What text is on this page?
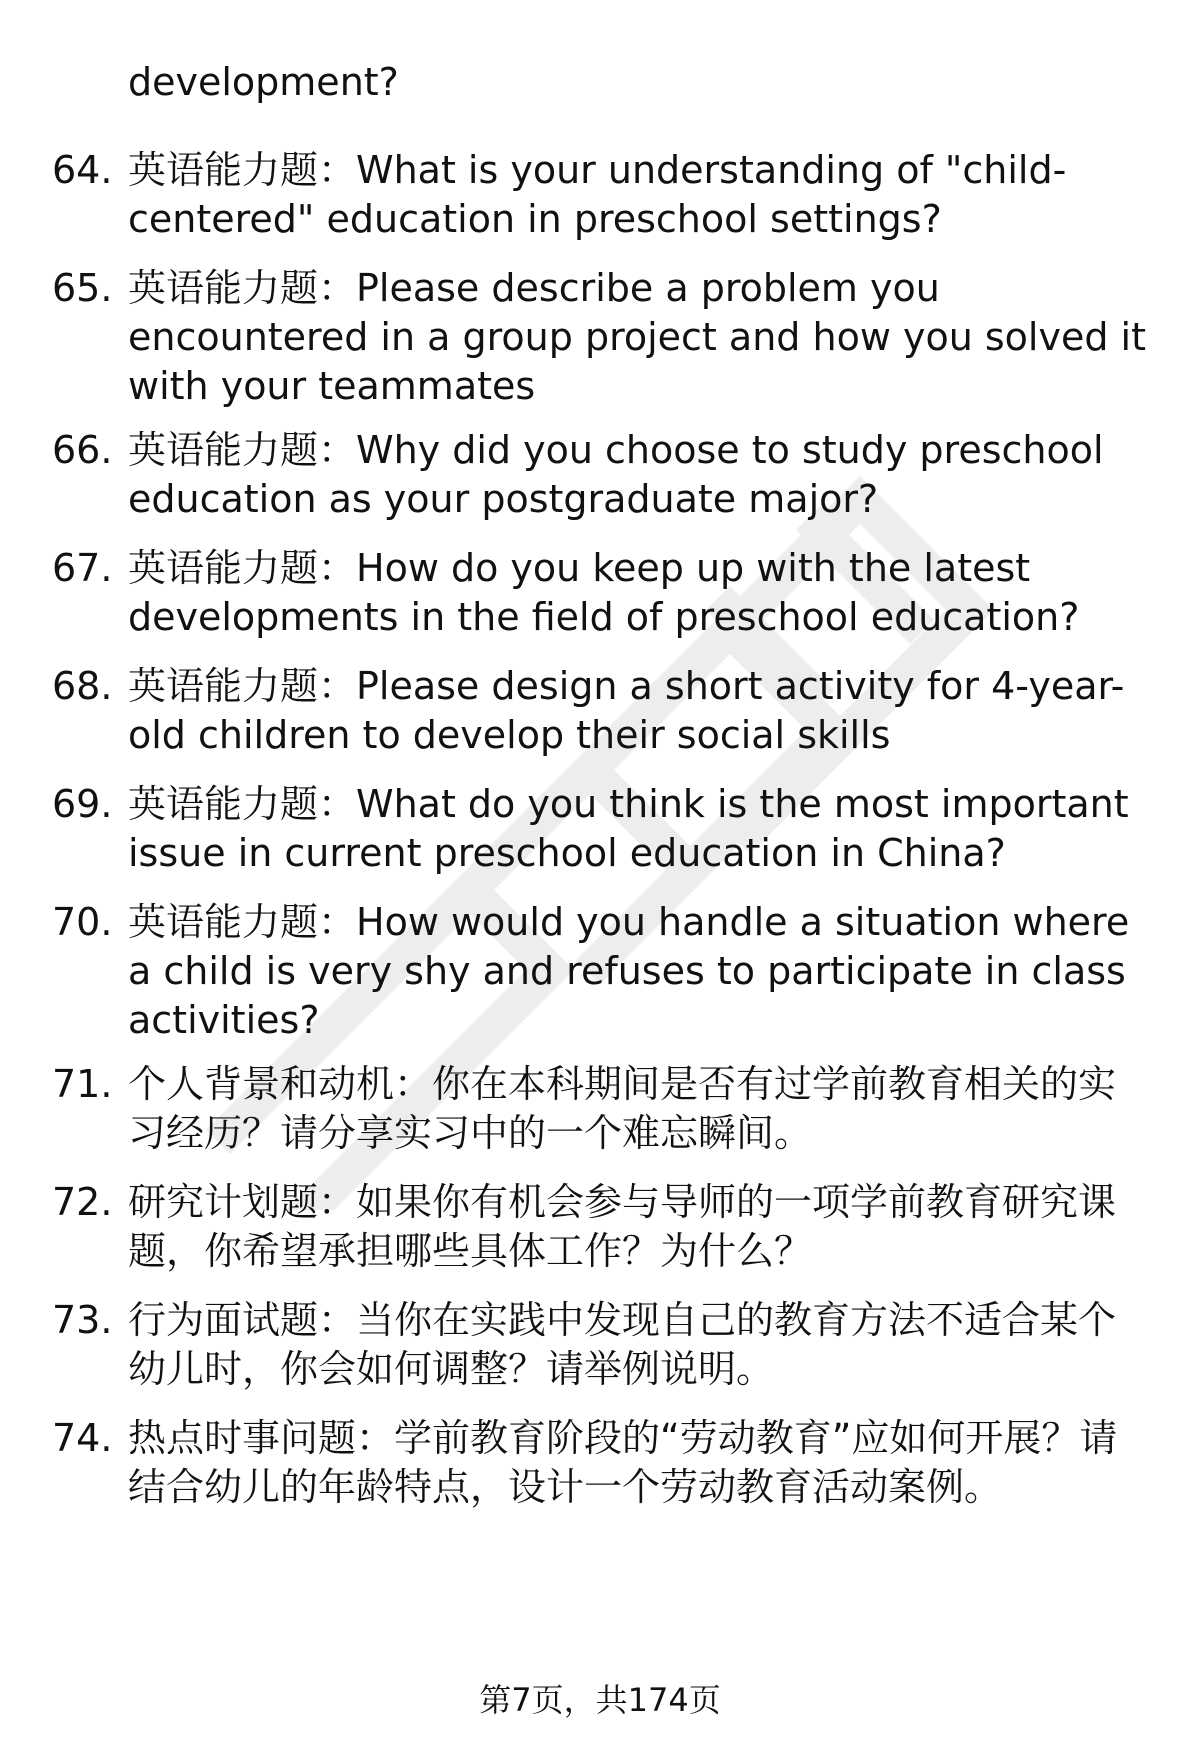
development?
64. 英语能力题：What is your understanding of "child-centered" education in preschool settings?
65. 英语能力题：Please describe a problem you encountered in a group project and how you solved it with your teammates
66. 英语能力题：Why did you choose to study preschool education as your postgraduate major?
67. 英语能力题：How do you keep up with the latest developments in the field of preschool education?
68. 英语能力题：Please design a short activity for 4-year-old children to develop their social skills
69. 英语能力题：What do you think is the most important issue in current preschool education in China?
70. 英语能力题：How would you handle a situation where a child is very shy and refuses to participate in class activities?
71. 个人背景和动机：你在本科期间是否有过学前教育相关的实习经历？请分享实习中的一个难忘瞬间。
72. 研究计划题：如果你有机会参与导师的一项学前教育研究课题，你希望承担哪些具体工作？为什么？
73. 行为面试题：当你在实践中发现自己的教育方法不适合某个幼儿时，你会如何调整？请举例说明。
74. 热点时事问题：学前教育阶段的“劳动教育”应如何开展？请结合幼儿的年龄特点，设计一个劳动教育活动案例。
第7页，共174页
